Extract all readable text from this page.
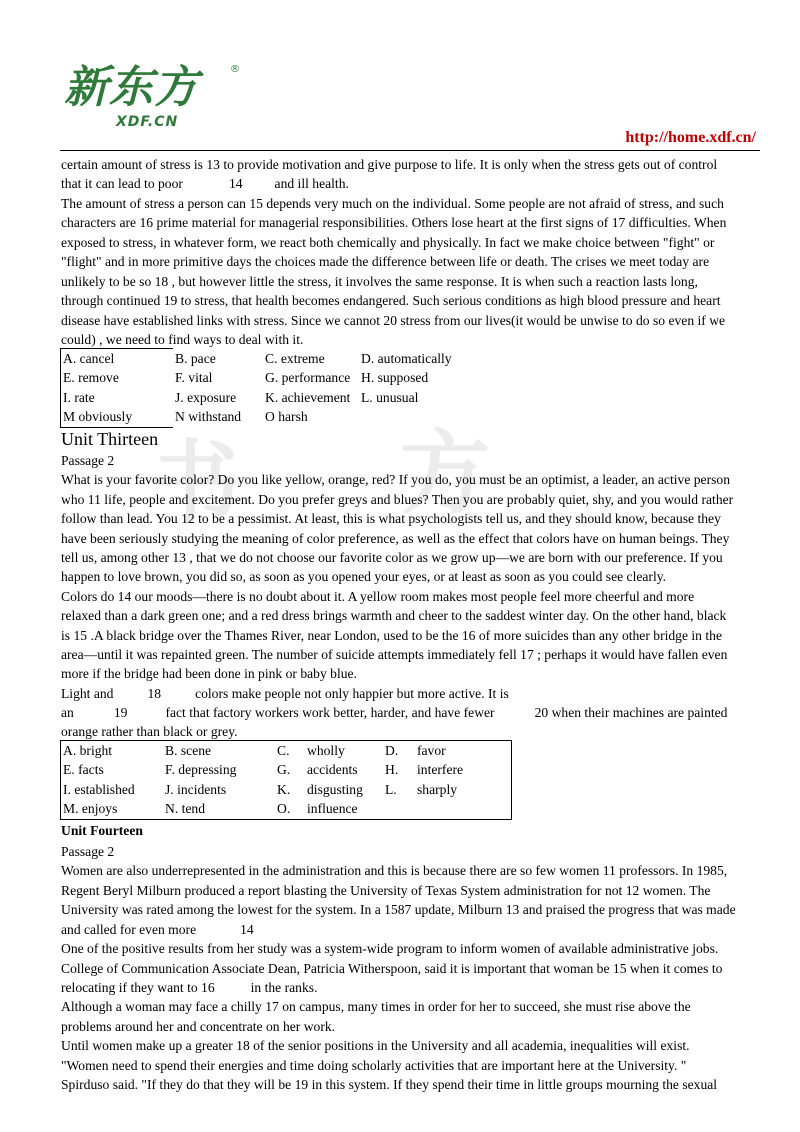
书 方
新东方	®
XDF.CN
http://home.xdf.cn/
certain amount of stress is 13 to provide motivation and give purpose to life. It is only when the stress gets out of control
that it can lead to poor	14 and ill health.
The amount of stress a person can 15 depends very much on the individual. Some people are not afraid of stress, and such
characters are 16 prime material for managerial responsibilities. Others lose heart at the first signs of 17 difficulties. When
exposed to stress, in whatever form, we react both chemically and physically. In fact we make choice between "fight" or
"flight" and in more primitive days the choices made the difference between life or death. The crises we meet today are
unlikely to be so 18 , but however little the stress, it involves the same response. It is when such a reaction lasts long,
through continued 19 to stress, that health becomes endangered. Such serious conditions as high blood pressure and heart
disease have established links with stress. Since we cannot 20 stress from our lives(it would be unwise to do so even if we
could) , we need to find ways to deal with it.
A. cancel	B. pace	C. extreme	D. automatically
E. remove	F. vital	G. performance	H. supposed
I. rate	J. exposure	K. achievement	L. unusual
M obviously	N withstand	O harsh	
Unit Thirteen
Passage 2
What is your favorite color? Do you like yellow, orange, red? If you do, you must be an optimist, a leader, an active person
who 11 life, people and excitement. Do you prefer greys and blues? Then you are probably quiet, shy, and you would rather
follow than lead. You 12 to be a pessimist. At least, this is what psychologists tell us, and they should know, because they
have been seriously studying the meaning of color preference, as well as the effect that colors have on human beings. They
tell us, among other 13 , that we do not choose our favorite color as we grow up—we are born with our preference. If you
happen to love brown, you did so, as soon as you opened your eyes, or at least as soon as you could see clearly.
Colors do 14 our moods—there is no doubt about it. A yellow room makes most people feel more cheerful and more
relaxed than a dark green one; and a red dress brings warmth and cheer to the saddest winter day. On the other hand, black
is 15 .A black bridge over the Thames River, near London, used to be the 16 of more suicides than any other bridge in the
area—until it was repainted green. The number of suicide attempts immediately fell 17 ; perhaps it would have fallen even
more if the bridge had been done in pink or baby blue.
Light and	18	colors make people not only happier but more active. It is
an	19	fact that factory workers work better, harder, and have fewer	20 when their machines are painted
orange rather than black or grey.
A. bright	B. scene	C.	wholly	D.	favor
E. facts	F. depressing	G.	accidents	H.	interfere
I. established	J. incidents	K.	disgusting	L.	sharply
M. enjoys	N. tend	O.	influence		
Unit Fourteen
Passage 2
Women are also underrepresented in the administration and this is because there are so few women 11 professors. In 1985,
Regent Beryl Milburn produced a report blasting the University of Texas System administration for not 12 women. The
University was rated among the lowest for the system. In a 1587 update, Milburn 13 and praised the progress that was made
and called for even more	14
One of the positive results from her study was a system-wide program to inform women of available administrative jobs.
College of Communication Associate Dean, Patricia Witherspoon, said it is important that woman be 15 when it comes to
relocating if they want to 16	in the ranks.
Although a woman may face a chilly 17 on campus, many times in order for her to succeed, she must rise above the
problems around her and concentrate on her work.
Until women make up a greater 18 of the senior positions in the University and all academia, inequalities will exist.
"Women need to spend their energies and time doing scholarly activities that are important here at the University. "
Spirduso said. "If they do that they will be 19 in this system. If they spend their time in little groups mourning the sexual
